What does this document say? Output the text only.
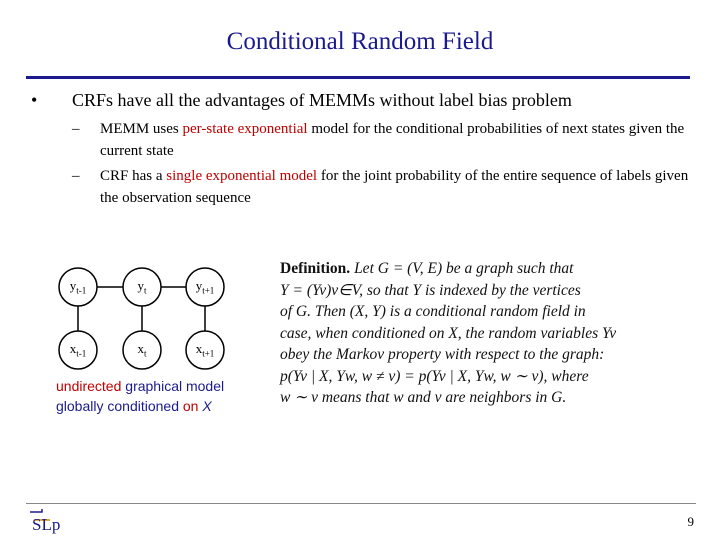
Conditional Random Field
• CRFs have all the advantages of MEMMs without label bias problem
– MEMM uses per-state exponential model for the conditional probabilities of next states given the current state
– CRF has a single exponential model for the joint probability of the entire sequence of labels given the observation sequence
$y_{t-1}$	$y_t$	$y_{t+1}$
$x_{t-1}$	$x_t$	$x_{t+1}$
undirected graphical model
globally conditioned on X
Definition. Let G = (V, E) be a graph such that
Y = (Yv)v∈V, so that Y is indexed by the vertices
of G. Then (X, Y) is a conditional random field in
case, when conditioned on X, the random variables Yv
obey the Markov property with respect to the graph:
p(Yv | X, Yw, w ≠ v) = p(Yv | X, Yw, w ∼ v), where
w ∼ v means that w and v are neighbors in G.
SLp	9
